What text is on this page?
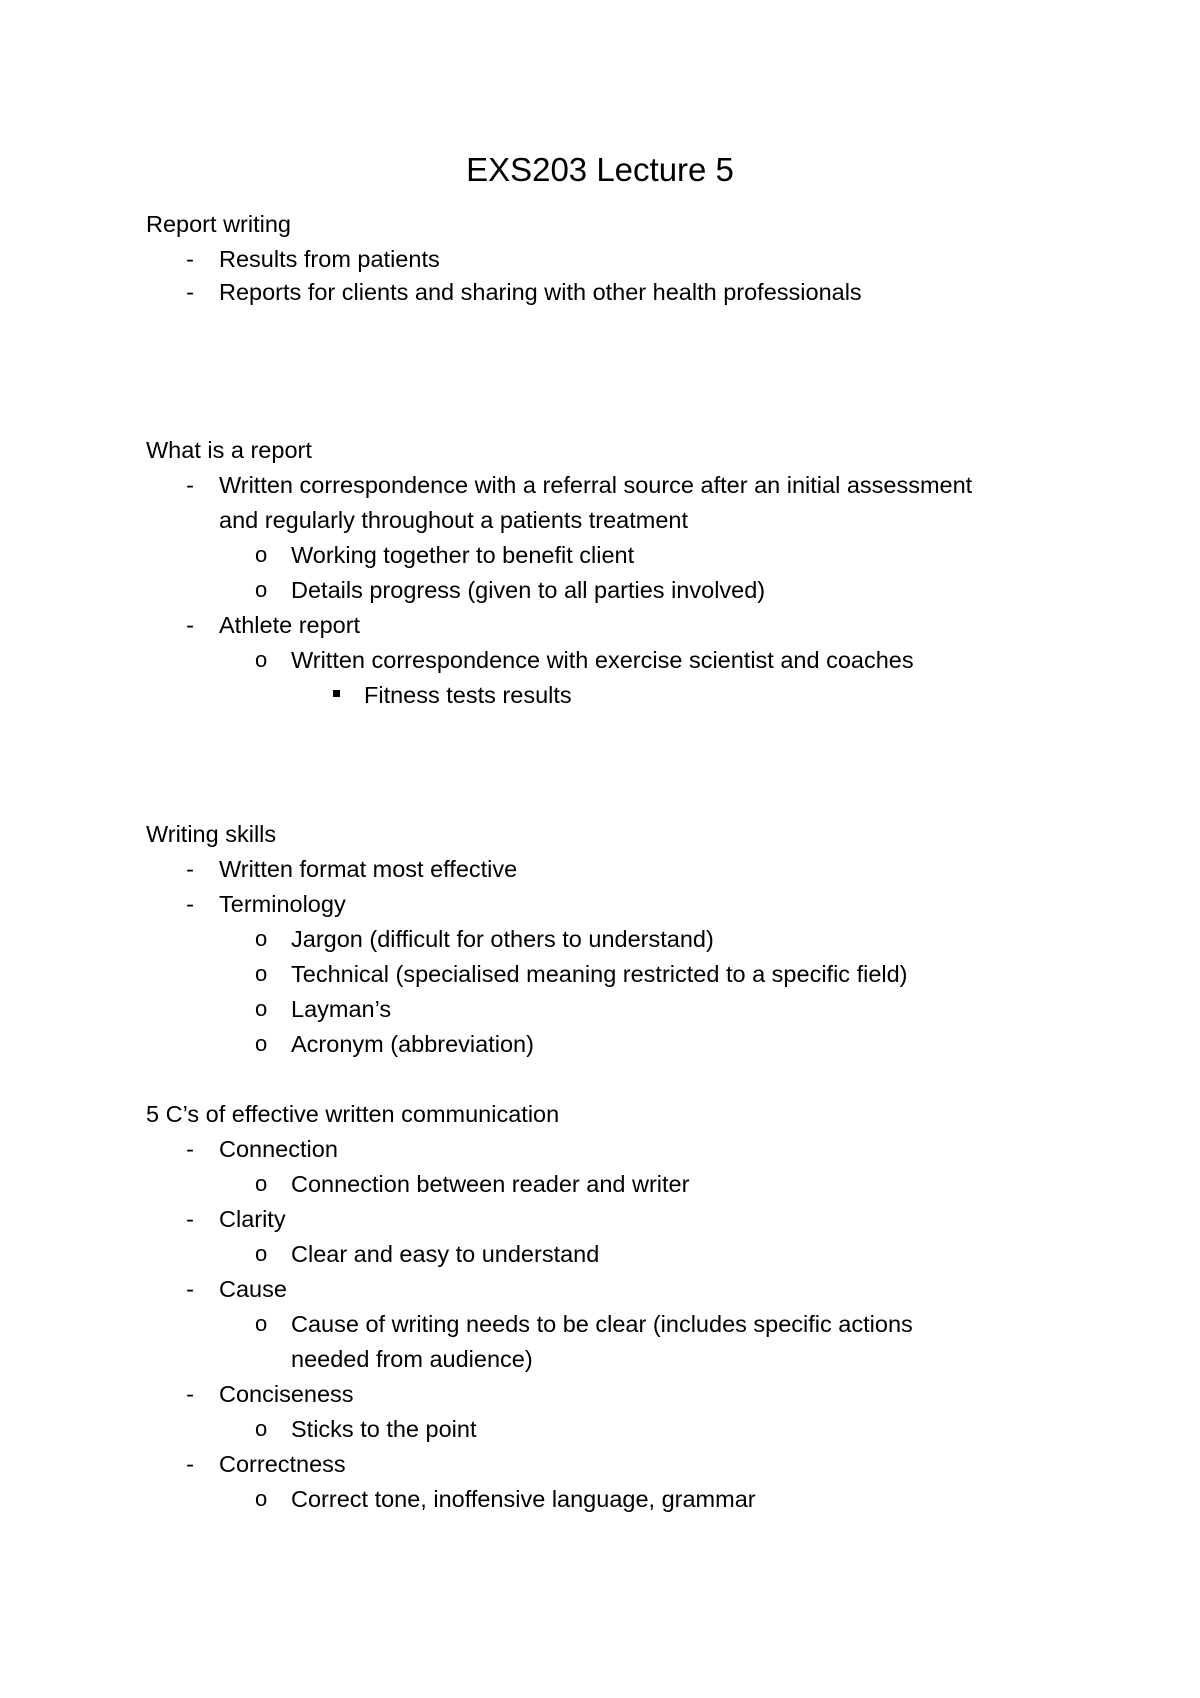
EXS203 Lecture 5
Report writing
- Results from patients
- Reports for clients and sharing with other health professionals
What is a report
- Written correspondence with a referral source after an initial assessment
and regularly throughout a patients treatment
o Working together to benefit client
o Details progress (given to all parties involved)
- Athlete report
o Written correspondence with exercise scientist and coaches
Fitness tests results
Writing skills
- Written format most effective
- Terminology
o Jargon (difficult for others to understand)
o Technical (specialised meaning restricted to a specific field)
o Layman’s
o Acronym (abbreviation)
5 C’s of effective written communication
- Connection
o Connection between reader and writer
- Clarity
o Clear and easy to understand
- Cause
o Cause of writing needs to be clear (includes specific actions
needed from audience)
- Conciseness
o Sticks to the point
- Correctness
o Correct tone, inoffensive language, grammar
